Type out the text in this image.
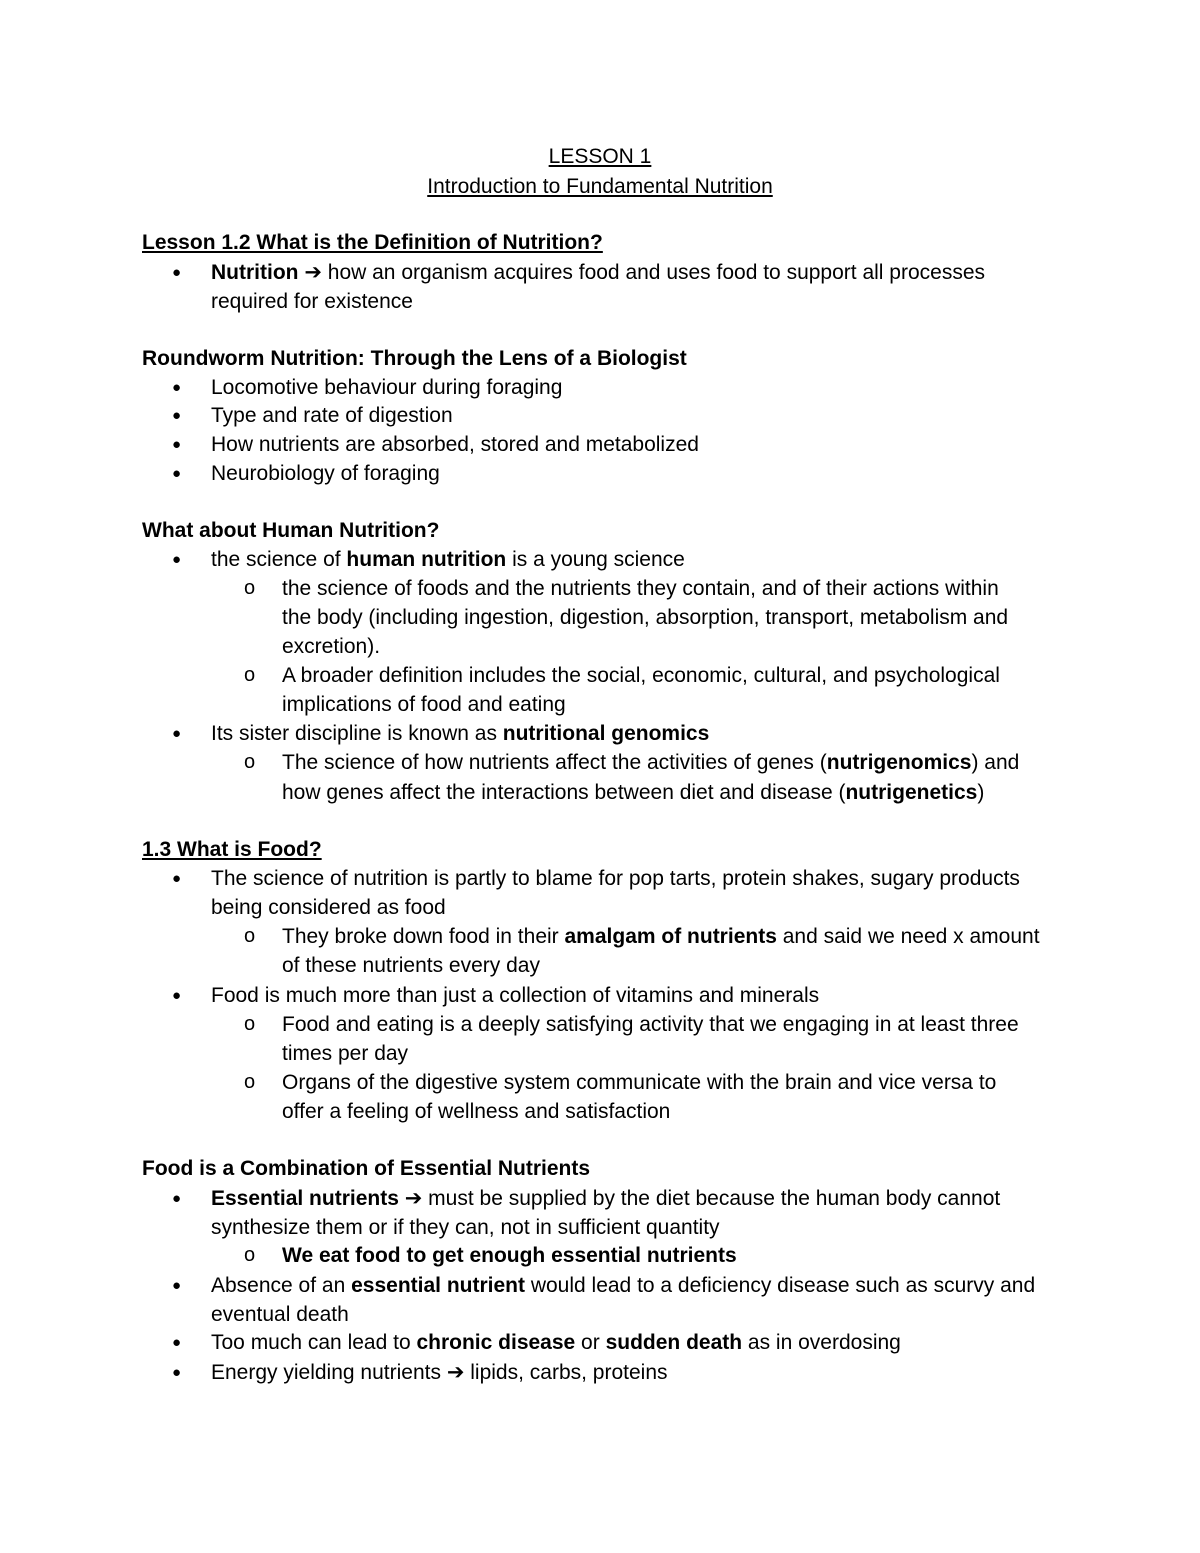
LESSON 1
Introduction to Fundamental Nutrition
Lesson 1.2 What is the Definition of Nutrition?
● Nutrition ➔ how an organism acquires food and uses food to support all processes
required for existence
Roundworm Nutrition: Through the Lens of a Biologist
● Locomotive behaviour during foraging
● Type and rate of digestion
● How nutrients are absorbed, stored and metabolized
● Neurobiology of foraging
What about Human Nutrition?
● the science of human nutrition is a young science
o the science of foods and the nutrients they contain, and of their actions within
the body (including ingestion, digestion, absorption, transport, metabolism and
excretion).
o A broader definition includes the social, economic, cultural, and psychological
implications of food and eating
● Its sister discipline is known as nutritional genomics
o The science of how nutrients affect the activities of genes (nutrigenomics) and
how genes affect the interactions between diet and disease (nutrigenetics)
1.3 What is Food?
● The science of nutrition is partly to blame for pop tarts, protein shakes, sugary products
being considered as food
o They broke down food in their amalgam of nutrients and said we need x amount
of these nutrients every day
● Food is much more than just a collection of vitamins and minerals
o Food and eating is a deeply satisfying activity that we engaging in at least three
times per day
o Organs of the digestive system communicate with the brain and vice versa to
offer a feeling of wellness and satisfaction
Food is a Combination of Essential Nutrients
● Essential nutrients ➔ must be supplied by the diet because the human body cannot
synthesize them or if they can, not in sufficient quantity
o We eat food to get enough essential nutrients
● Absence of an essential nutrient would lead to a deficiency disease such as scurvy and
eventual death
● Too much can lead to chronic disease or sudden death as in overdosing
● Energy yielding nutrients ➔ lipids, carbs, proteins
